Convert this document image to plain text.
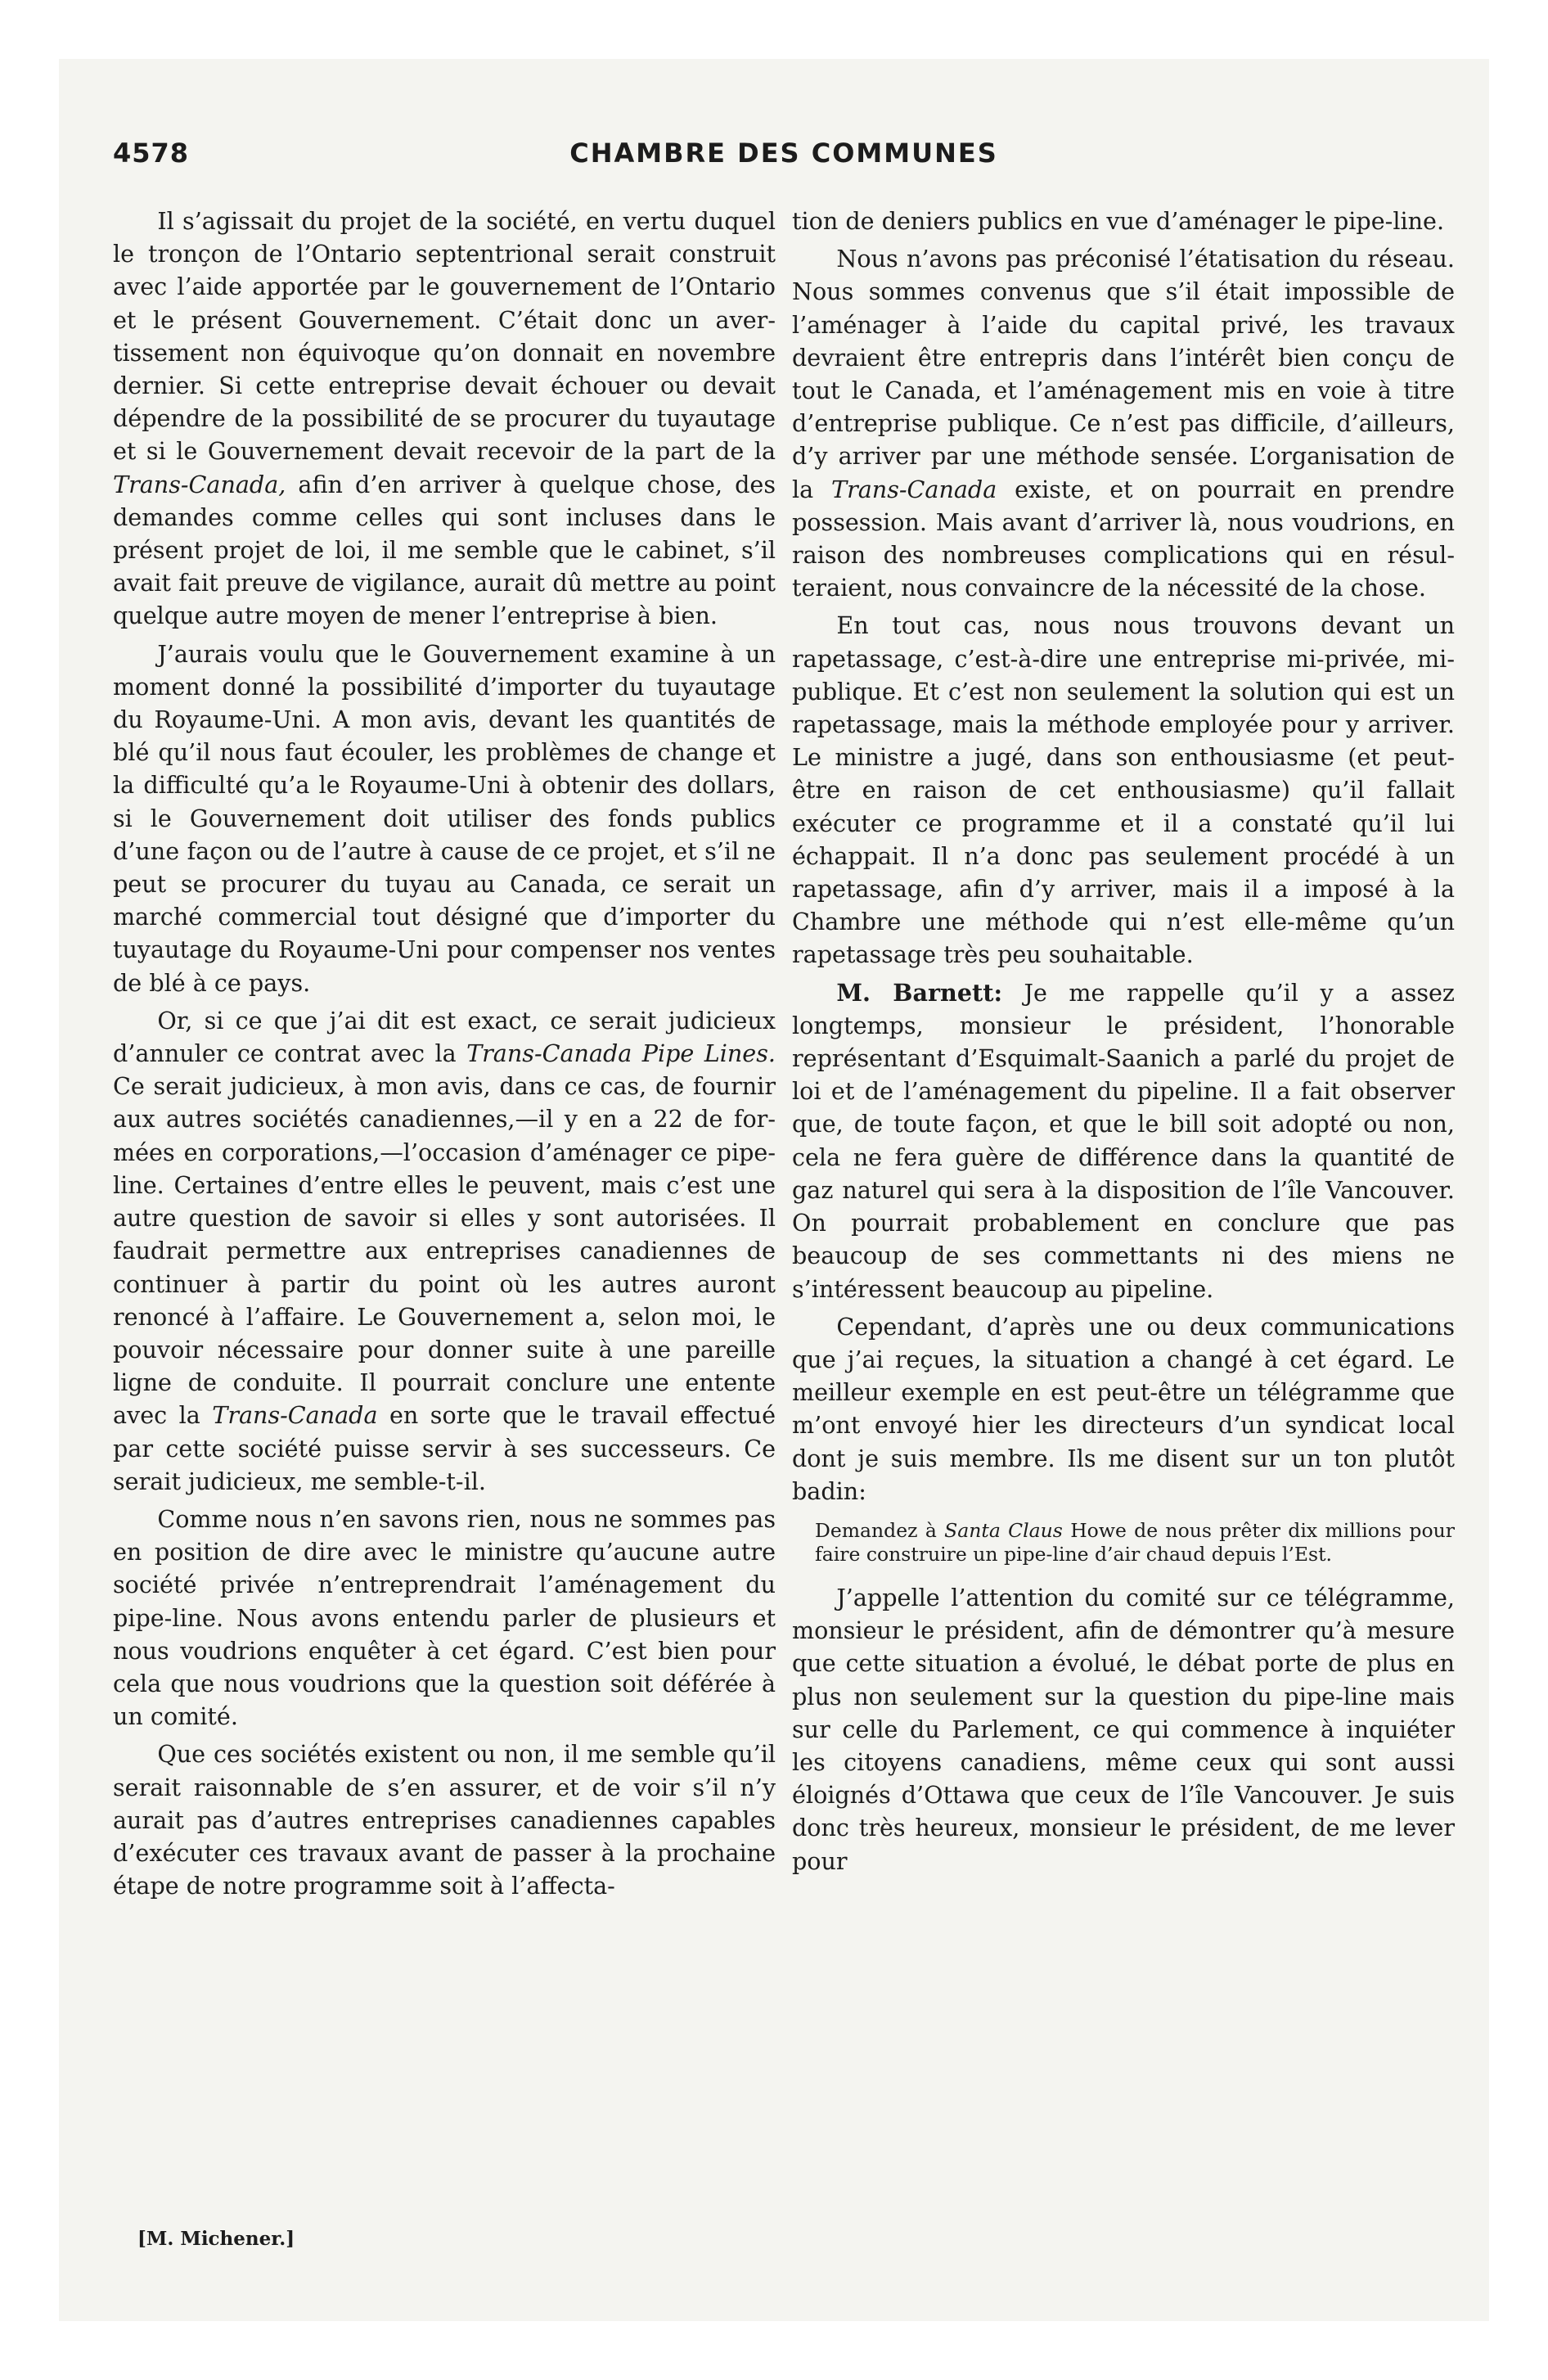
CHAMBRE DES COMMUNES
4578

Il s’agissait du projet de la société, en vertu duquel le tronçon de l’Ontario septentrional serait construit avec l’aide apportée par le gouvernement de l’Ontario et le présent Gouvernement. C’était donc un avertissement non équivoque qu’on donnait en novembre dernier. Si cette entreprise devait échouer ou devait dépendre de la possibilité de se procurer du tuyautage et si le Gouvernement devait recevoir de la part de la Trans-Canada, afin d’en arriver à quelque chose, des demandes comme celles qui sont incluses dans le présent projet de loi, il me semble que le cabinet, s’il avait fait preuve de vigilance, aurait dû mettre au point quelque autre moyen de mener l’entreprise à bien.

J’aurais voulu que le Gouvernement examine à un moment donné la possibilité d’importer du tuyautage du Royaume-Uni. A mon avis, devant les quantités de blé qu’il nous faut écouler, les problèmes de change et la difficulté qu’a le Royaume-Uni à obtenir des dollars, si le Gouvernement doit utiliser des fonds publics d’une façon ou de l’autre à cause de ce projet, et s’il ne peut se procurer du tuyau au Canada, ce serait un marché commercial tout désigné que d’importer du tuyautage du Royaume-Uni pour compenser nos ventes de blé à ce pays.

Or, si ce que j’ai dit est exact, ce serait judicieux d’annuler ce contrat avec la Trans-Canada Pipe Lines. Ce serait judicieux, à mon avis, dans ce cas, de fournir aux autres sociétés canadiennes,—il y en a 22 de formées en corporations,—l’occasion d’aménager ce pipe-line. Certaines d’entre elles le peuvent, mais c’est une autre question de savoir si elles y sont autorisées. Il faudrait permettre aux entreprises canadiennes de continuer à partir du point où les autres auront renoncé à l’affaire. Le Gouvernement a, selon moi, le pouvoir nécessaire pour donner suite à une pareille ligne de conduite. Il pourrait conclure une entente avec la Trans-Canada en sorte que le travail effectué par cette société puisse servir à ses successeurs. Ce serait judicieux, me semble-t-il.

Comme nous n’en savons rien, nous ne sommes pas en position de dire avec le ministre qu’aucune autre société privée n’entreprendrait l’aménagement du pipe-line. Nous avons entendu parler de plusieurs et nous voudrions enquêter à cet égard. C’est bien pour cela que nous voudrions que la question soit déférée à un comité.

Que ces sociétés existent ou non, il me semble qu’il serait raisonnable de s’en assurer, et de voir s’il n’y aurait pas d’autres entreprises canadiennes capables d’exécuter ces travaux avant de passer à la prochaine étape de notre programme soit à l’affecta-

tion de deniers publics en vue d’aménager le pipe-line.

Nous n’avons pas préconisé l’étatisation du réseau. Nous sommes convenus que s’il était impossible de l’aménager à l’aide du capital privé, les travaux devraient être entrepris dans l’intérêt bien conçu de tout le Canada, et l’aménagement mis en voie à titre d’entreprise publique. Ce n’est pas difficile, d’ailleurs, d’y arriver par une méthode sensée. L’organisation de la Trans-Canada existe, et on pourrait en prendre possession. Mais avant d’arriver là, nous voudrions, en raison des nombreuses complications qui en résulteraient, nous convaincre de la nécessité de la chose.

En tout cas, nous nous trouvons devant un rapetassage, c’est-à-dire une entreprise mi-privée, mi-publique. Et c’est non seulement la solution qui est un rapetassage, mais la méthode employée pour y arriver. Le ministre a jugé, dans son enthousiasme (et peut-être en raison de cet enthousiasme) qu’il fallait exécuter ce programme et il a constaté qu’il lui échappait. Il n’a donc pas seulement procédé à un rapetassage, afin d’y arriver, mais il a imposé à la Chambre une méthode qui n’est elle-même qu’un rapetassage très peu souhaitable.

M. Barnett: Je me rappelle qu’il y a assez longtemps, monsieur le président, l’honorable représentant d’Esquimalt-Saanich a parlé du projet de loi et de l’aménagement du pipeline. Il a fait observer que, de toute façon, et que le bill soit adopté ou non, cela ne fera guère de différence dans la quantité de gaz naturel qui sera à la disposition de l’île Vancouver. On pourrait probablement en conclure que pas beaucoup de ses commettants ni des miens ne s’intéressent beaucoup au pipeline.

Cependant, d’après une ou deux communications que j’ai reçues, la situation a changé à cet égard. Le meilleur exemple en est peut-être un télégramme que m’ont envoyé hier les directeurs d’un syndicat local dont je suis membre. Ils me disent sur un ton plutôt badin:

Demandez à Santa Claus Howe de nous prêter dix millions pour faire construire un pipe-line d’air chaud depuis l’Est.

J’appelle l’attention du comité sur ce télégramme, monsieur le président, afin de démontrer qu’à mesure que cette situation a évolué, le débat porte de plus en plus non seulement sur la question du pipe-line mais sur celle du Parlement, ce qui commence à inquiéter les citoyens canadiens, même ceux qui sont aussi éloignés d’Ottawa que ceux de l’île Vancouver. Je suis donc très heureux, monsieur le président, de me lever pour

[M. Michener.]
